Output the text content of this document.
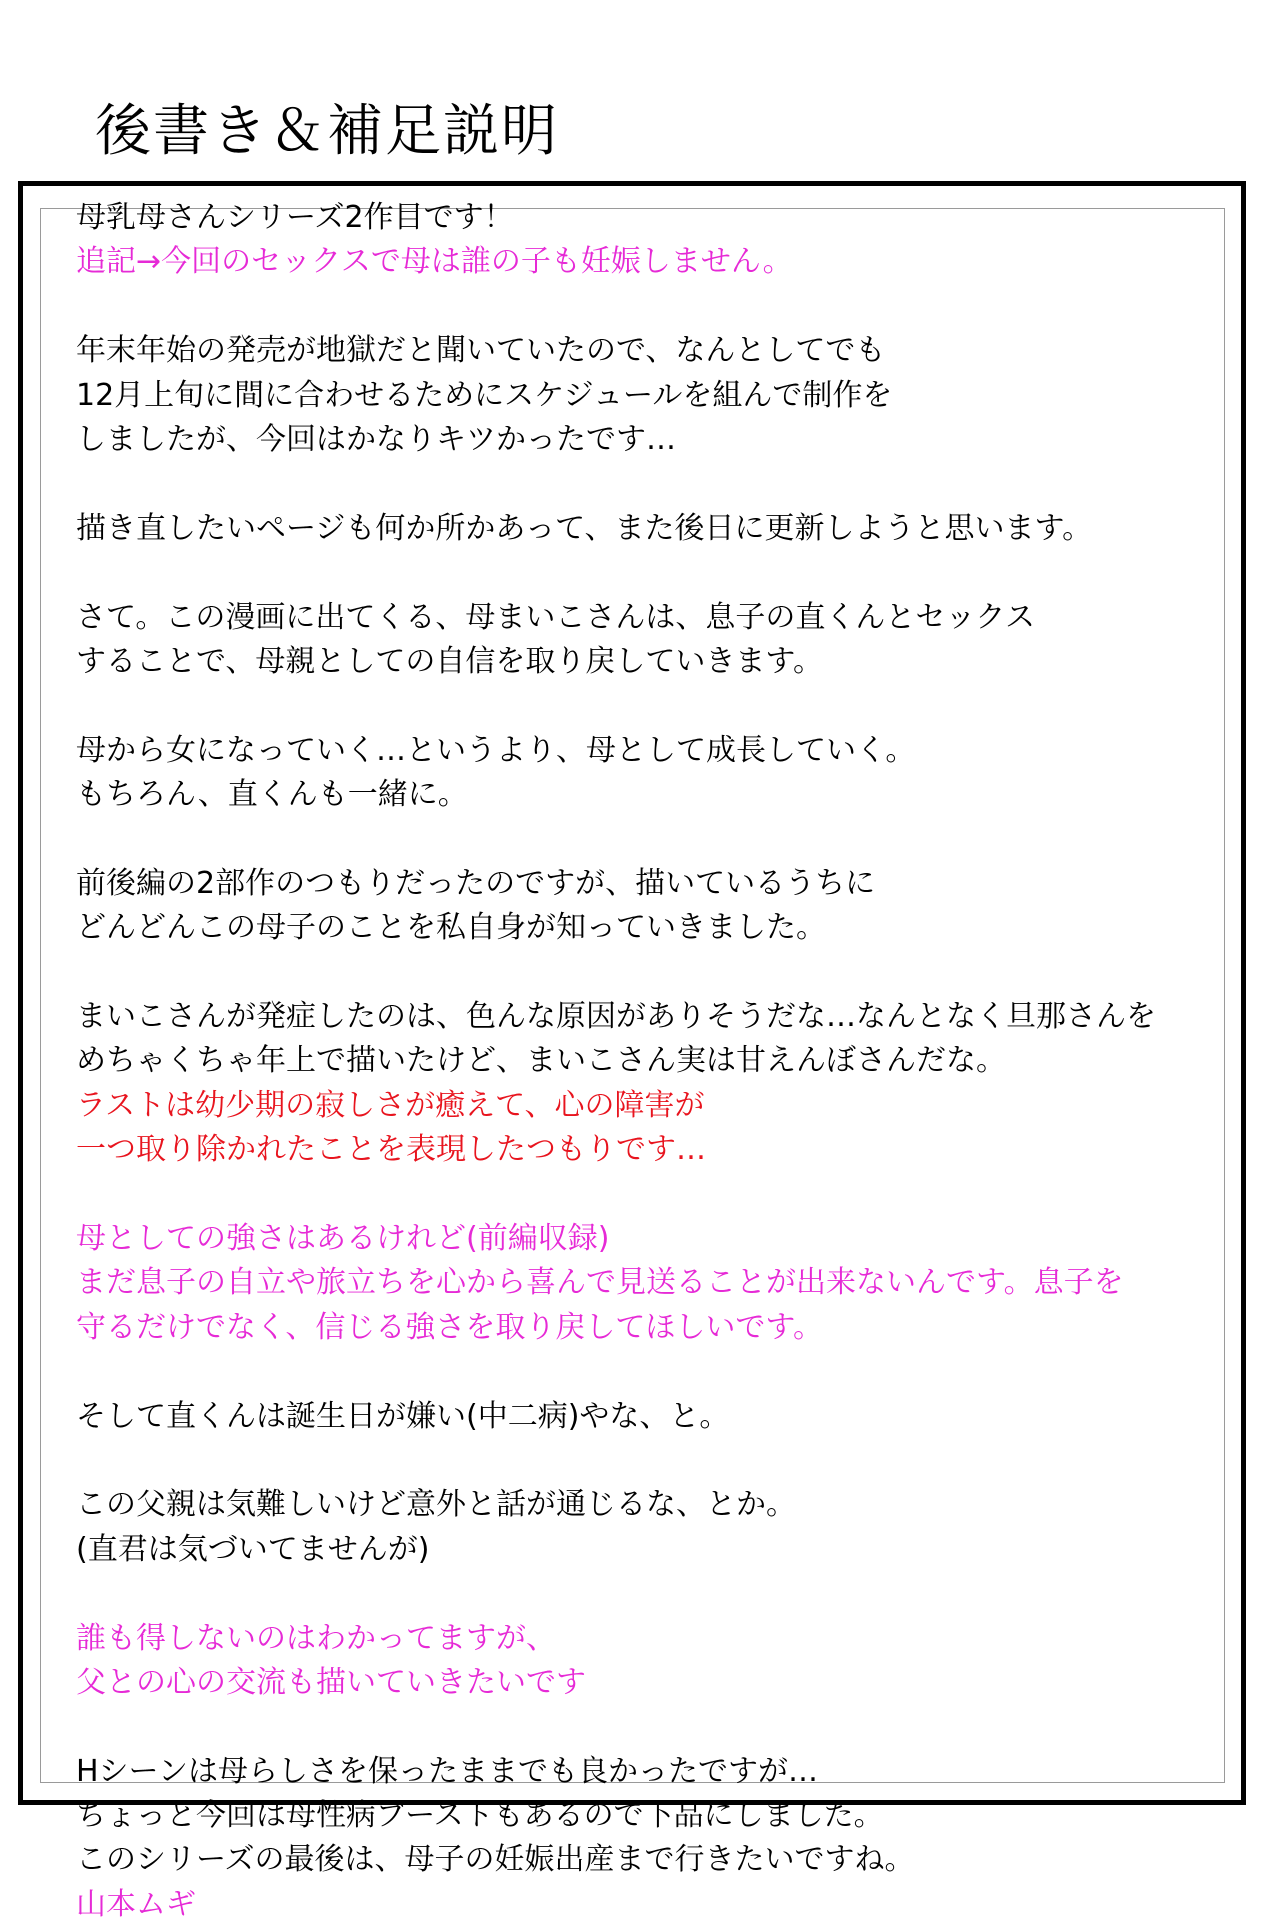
後書き＆補足説明
母乳母さんシリーズ2作目です！
追記→今回のセックスで母は誰の子も妊娠しません。
年末年始の発売が地獄だと聞いていたので、なんとしてでも
12月上旬に間に合わせるためにスケジュールを組んで制作を
しましたが、今回はかなりキツかったです…
描き直したいページも何か所かあって、また後日に更新しようと思います。
さて。この漫画に出てくる、母まいこさんは、息子の直くんとセックス
することで、母親としての自信を取り戻していきます。
母から女になっていく…というより、母として成長していく。
もちろん、直くんも一緒に。
前後編の2部作のつもりだったのですが、描いているうちに
どんどんこの母子のことを私自身が知っていきました。
まいこさんが発症したのは、色んな原因がありそうだな…なんとなく旦那さんを
めちゃくちゃ年上で描いたけど、まいこさん実は甘えんぼさんだな。
ラストは幼少期の寂しさが癒えて、心の障害が
一つ取り除かれたことを表現したつもりです…
母としての強さはあるけれど(前編収録)
まだ息子の自立や旅立ちを心から喜んで見送ることが出来ないんです。息子を
守るだけでなく、信じる強さを取り戻してほしいです。
そして直くんは誕生日が嫌い(中二病)やな、と。
この父親は気難しいけど意外と話が通じるな、とか。
(直君は気づいてませんが)
誰も得しないのはわかってますが、
父との心の交流も描いていきたいです
Hシーンは母らしさを保ったままでも良かったですが…
ちょっと今回は母性病ブーストもあるので下品にしました。
このシリーズの最後は、母子の妊娠出産まで行きたいですね。
山本ムギ
